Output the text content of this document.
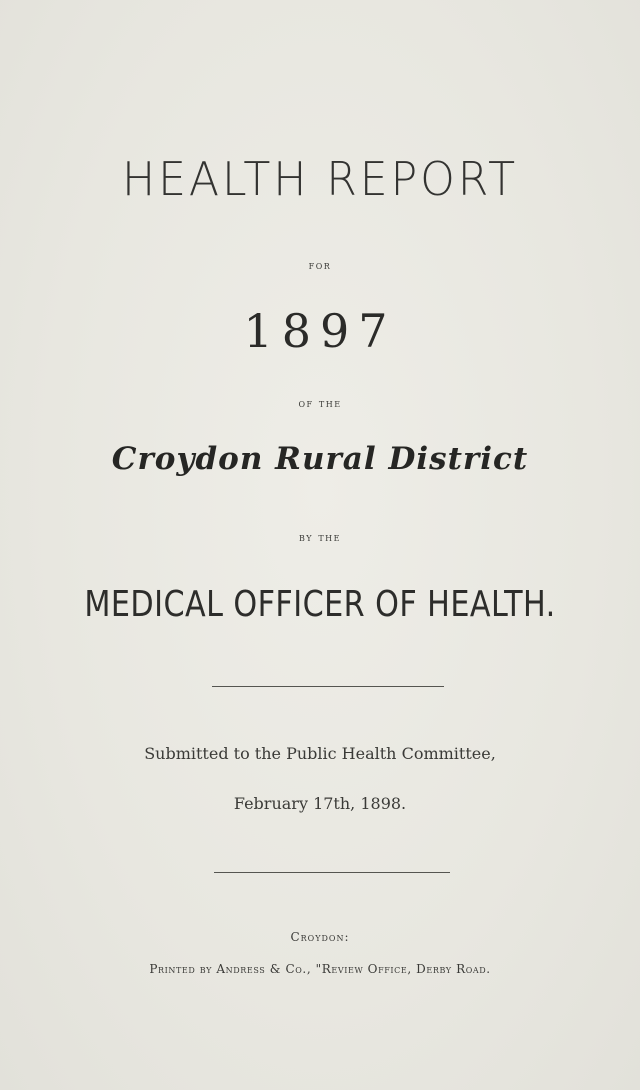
HEALTH REPORT
for
1897
of the
Croydon Rural District
by the
MEDICAL OFFICER OF HEALTH.
Submitted to the Public Health Committee,
February 17th, 1898.
Croydon:
Printed by Andress & Co., "Review Office, Derby Road.
